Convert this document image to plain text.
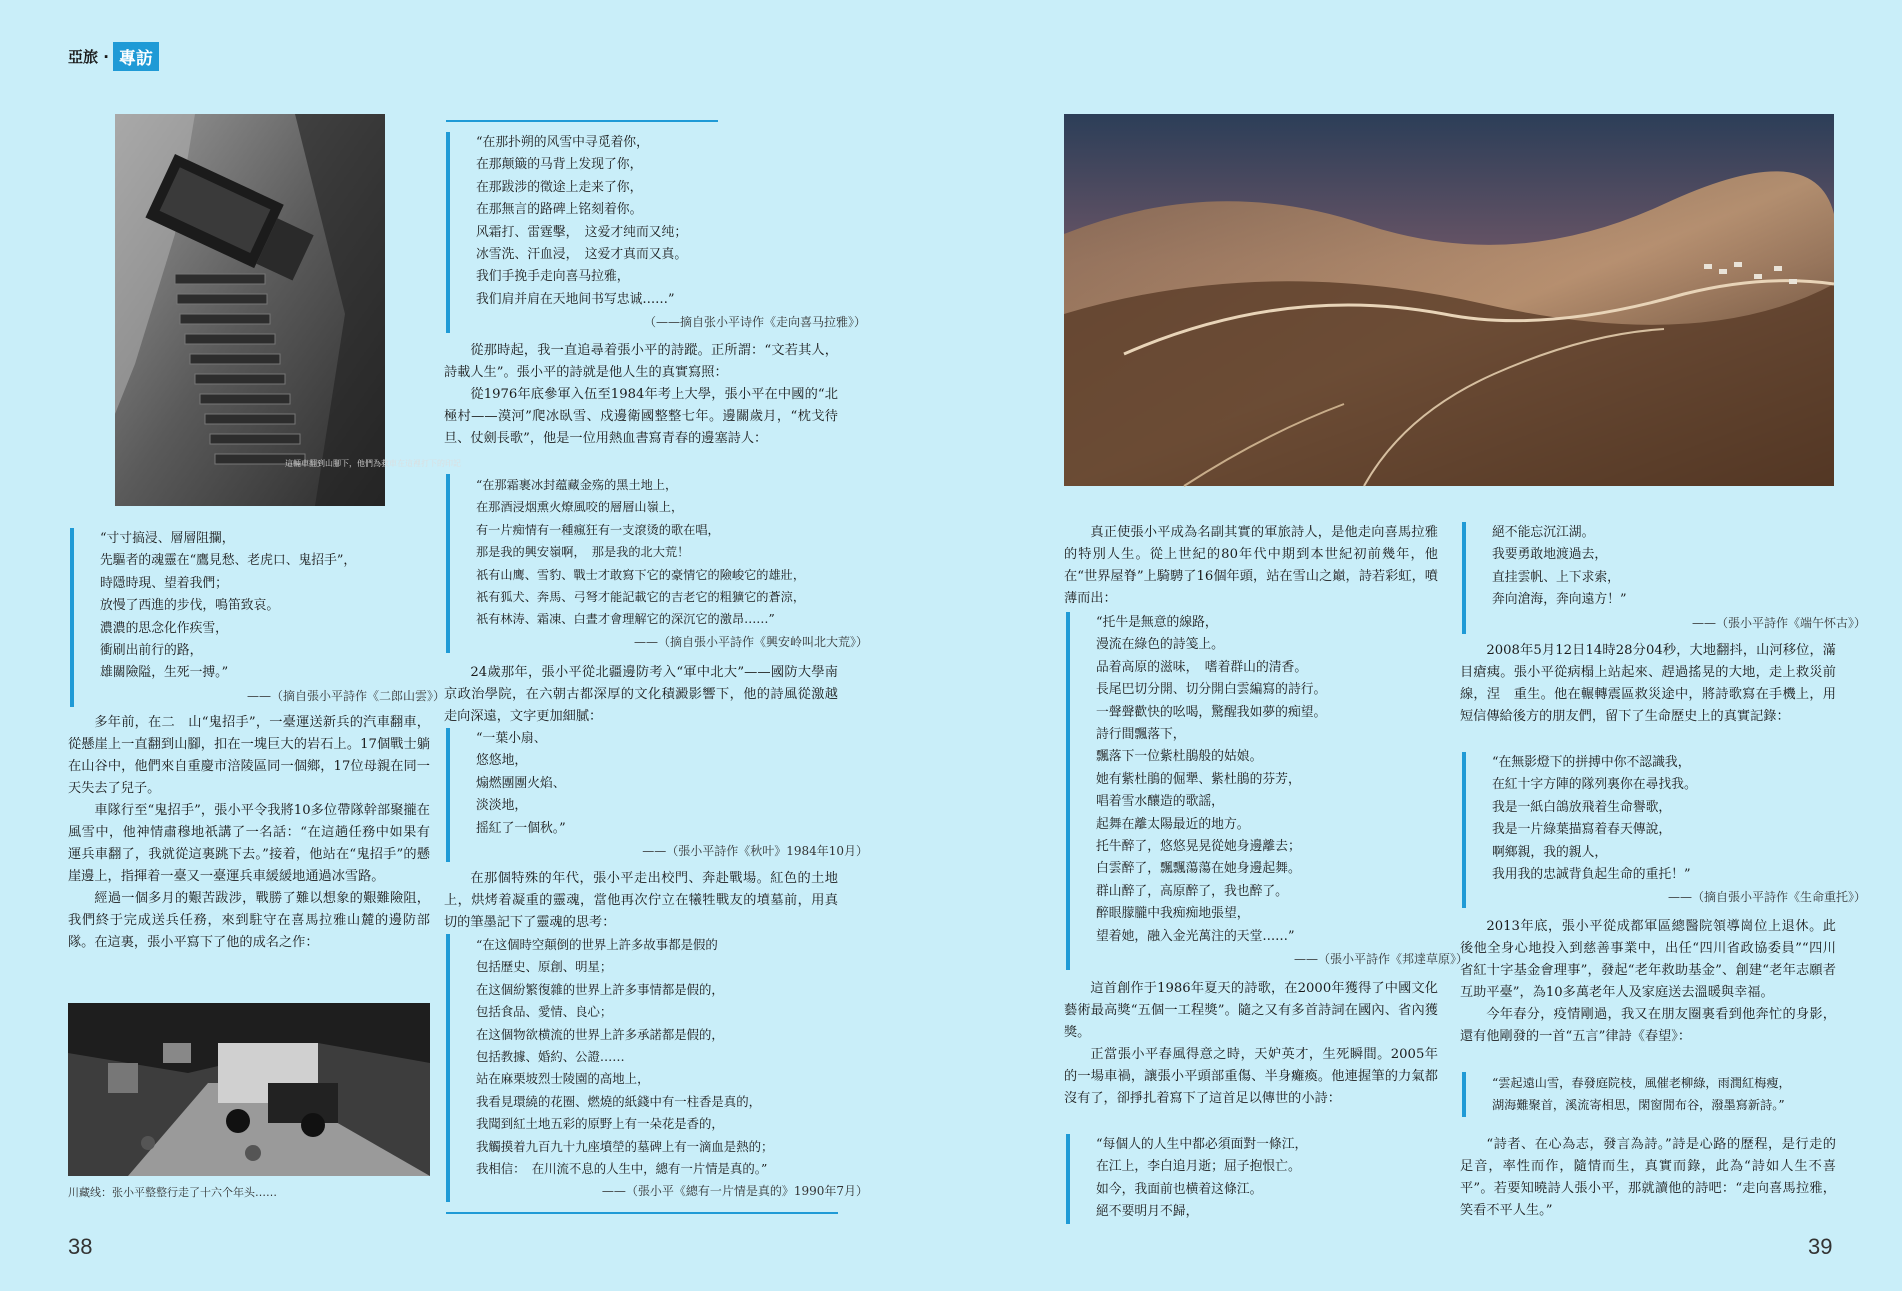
亞旅 · 專訪
這輛車翻到山腳下，他們為救車在這裡打下的印記
“寸寸搞浸、層層阻攔，
先驅者的魂靈在“鷹見愁、老虎口、鬼招手”，
時隱時現、望着我們；
放慢了西進的步伐，鳴笛致哀。
濃濃的思念化作疾雪，
衝刷出前行的路，
雄關險隘，生死一搏。”
——（摘自張小平詩作《二郎山雲》）

多年前，在二　山“鬼招手”，一臺運送新兵的汽車翻車，從懸崖上一直翻到山腳，扣在一塊巨大的岩石上。17個戰士躺在山谷中，他們來自重慶市涪陵區同一個鄉，17位母親在同一天失去了兒子。

車隊行至“鬼招手”，張小平令我將10多位帶隊幹部聚攏在風雪中，他神情肅穆地祇講了一名話：“在這趟任務中如果有運兵車翻了，我就從這裏跳下去。”接着，他站在“鬼招手”的懸崖邊上，指揮着一臺又一臺運兵車緩緩地通過冰雪路。

經過一個多月的艱苦跋涉，戰勝了難以想象的艱難險阻，我們終于完成送兵任務，來到駐守在喜馬拉雅山麓的邊防部隊。在這裏，張小平寫下了他的成名之作：

川藏线：张小平整整行走了十六个年头……
38
“在那扑朔的风雪中寻觅着你，
在那颠簸的马背上发现了你，
在那跋涉的徵途上走来了你，
在那無言的路碑上铭刻着你。
风霜打、雷霆擊，　这爱才纯而又纯；
冰雪洗、汗血浸，　这爱才真而又真。
我们手挽手走向喜马拉雅，
我们肩并肩在天地间书写忠诚……”
（——摘自张小平诗作《走向喜马拉雅》）

從那時起，我一直追尋着張小平的詩蹤。正所謂：“文若其人，詩載人生”。張小平的詩就是他人生的真實寫照：

從1976年底參軍入伍至1984年考上大學，張小平在中國的“北極村——漠河”爬冰臥雪、戍邊衛國整整七年。邊關歲月，“枕戈待旦、仗劍長歌”，他是一位用熱血書寫青春的邊塞詩人：

“在那霜裹冰封蕴藏金殇的黑土地上，
在那酒浸烟熏火燎風咬的層層山嶺上，
有一片痴情有一種瘋狂有一支滾烫的歌在唱，
那是我的興安嶺啊，　那是我的北大荒！
祇有山鹰、雪豹、戰士才敢寫下它的豪情它的險峻它的雄壯，
祇有狐犬、奔馬、弓弩才能記載它的吉老它的粗獷它的蒼涼，
祇有林涛、霜凍、白晝才會理解它的深沉它的激昂……”
——（摘自張小平詩作《興安岭叫北大荒》）

24歲那年，張小平從北疆邊防考入“軍中北大”——國防大學南京政治學院，在六朝古都深厚的文化積澱影響下，他的詩風從激越走向深遠，文字更加細膩：

“一葉小扇、
悠悠地，
煽燃團團火焰、
淡淡地，
摇紅了一個秋。”
——（張小平詩作《秋叶》1984年10月）

在那個特殊的年代，張小平走出校門、奔赴戰場。紅色的土地上，烘烤着凝重的靈魂，當他再次佇立在犧牲戰友的墳墓前，用真切的筆墨記下了靈魂的思考：

“在这個時空顛倒的世界上許多故事都是假的
包括歷史、原創、明星；
在这個紛繁復雜的世界上許多事情都是假的，
包括食品、愛情、良心；
在这個物欲横流的世界上許多承諾都是假的，
包括教據、婚約、公證……
站在麻栗坡烈士陵園的高地上，
我看見環繞的花圈、燃燒的紙錢中有一柱香是真的，
我聞到紅土地五彩的原野上有一朵花是香的，
我觸摸着九百九十九座墳塋的墓碑上有一滴血是熱的；
我相信：　在川流不息的人生中，總有一片情是真的。”
——（張小平《總有一片情是真的》1990年7月）

真正使張小平成為名副其實的軍旅詩人，是他走向喜馬拉雅的特別人生。從上世紀的80年代中期到本世紀初前幾年，他在“世界屋脊”上騎騁了16個年頭，站在雪山之巔，詩若彩虹，噴薄而出：

“托牛是無意的線路，
漫流在綠色的詩笺上。
品着高原的滋味，　嗜着群山的清香。
長尾巴切分開、切分開白雲編寫的詩行。
一聲聲歡快的吆喝，驚醒我如夢的痴望。
詩行間飄落下，
飄落下一位紫杜鵑般的姑娘。
她有紫杜鵑的倔犟、紫杜鵑的芬芳，
唱着雪水釀造的歌謡，
起舞在離太陽最近的地方。
托牛醉了，悠悠晃晃從她身邊離去；
白雲醉了，飄飄蕩蕩在她身邊起舞。
群山醉了，高原醉了，我也醉了。
醉眼朦朧中我痴痴地張望，
望着她，融入金光萬注的天堂……”
——（張小平詩作《邦達草原》）

這首創作于1986年夏天的詩歌，在2000年獲得了中國文化藝術最高獎“五個一工程獎”。隨之又有多首詩詞在國內、省內獲獎。

正當張小平春風得意之時，天妒英才，生死瞬間。2005年的一場車禍，讓張小平頭部重傷、半身癱瘓。他連握筆的力氣都沒有了，卻掙扎着寫下了這首足以傳世的小詩：

“每個人的人生中都必須面對一條江，
在江上，李白追月逝；屈子抱恨亡。
如今，我面前也横着这條江。
絕不要明月不歸，
絕不能忘沉江湖。
我要勇敢地渡過去，
直挂雲帆、上下求索，
奔向滄海，奔向遠方！”
——（張小平詩作《端午怀古》）

2008年5月12日14時28分04秒，大地翻抖，山河移位，滿目瘡痍。張小平從病榻上站起來、趕過搖晃的大地，走上救災前線，涅　重生。他在輾轉震區救災途中，將詩歌寫在手機上，用短信傳給後方的朋友們，留下了生命歷史上的真實記錄：

“在無影燈下的拼搏中你不認識我，
在紅十字方陣的隊列裏你在尋找我。
我是一紙白鴿放飛着生命譽歌，
我是一片綠葉描寫着春天傳說，
啊鄉親，我的親人，
我用我的忠誠背負起生命的重托！”
——（摘自張小平詩作《生命重托》）

2013年底，張小平從成都軍區總醫院領導崗位上退休。此後他全身心地投入到慈善事業中，出任“四川省政協委員”“四川省紅十字基金會理事”，發起“老年救助基金”、創建“老年志願者互助平臺”，為10多萬老年人及家庭送去溫暖與幸福。

今年春分，疫情剛過，我又在朋友圈裏看到他奔忙的身影，還有他剛發的一首“五言”律詩《春望》：

“雲起遠山雪，春發庭院枝，風催老柳綠，雨潤紅梅瘦，
湖海難聚首，溪流寄相思，閑窗閒布谷，潑墨寫新詩。”

“詩者、在心為志，發言為詩。”詩是心路的歷程，是行走的足音，率性而作，隨情而生，真實而錄，此為“詩如人生不喜平”。若要知曉詩人張小平，那就讀他的詩吧：“走向喜馬拉雅，笑看不平人生。”

39
